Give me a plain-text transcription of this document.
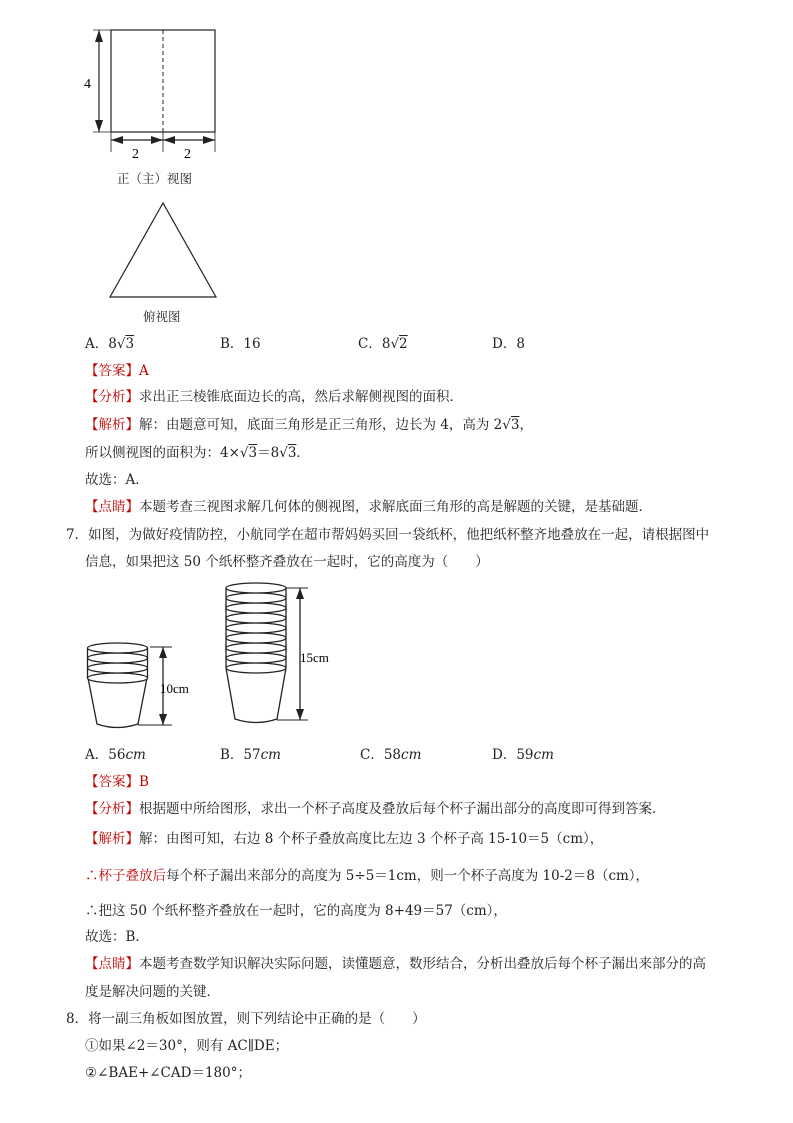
4
2	2
正（主）视图
俯视图
A．8√3	B．16	C．8√2	D．8
【答案】A
【分析】求出正三棱锥底面边长的高，然后求解侧视图的面积．
【解析】解：由题意可知，底面三角形是正三角形，边长为 4，高为 2√3，
所以侧视图的面积为：4×√3＝8√3．
故选：A．
【点睛】本题考查三视图求解几何体的侧视图，求解底面三角形的高是解题的关键，是基础题．
7．如图，为做好疫情防控，小航同学在超市帮妈妈买回一袋纸杯，他把纸杯整齐地叠放在一起，请根据图中
信息，如果把这 50 个纸杯整齐叠放在一起时，它的高度为（　　）
10cm
15cm
A．56cm	B．57cm	C．58cm	D．59cm
【答案】B
【分析】根据题中所给图形，求出一个杯子高度及叠放后每个杯子漏出部分的高度即可得到答案．
【解析】解：由图可知，右边 8 个杯子叠放高度比左边 3 个杯子高 15-10＝5（cm），
∴杯子叠放后每个杯子漏出来部分的高度为 5÷5＝1cm，则一个杯子高度为 10-2＝8（cm），
∴把这 50 个纸杯整齐叠放在一起时，它的高度为 8+49＝57（cm），
故选：B．
【点睛】本题考查数学知识解决实际问题，读懂题意，数形结合，分析出叠放后每个杯子漏出来部分的高
度是解决问题的关键．
8．将一副三角板如图放置，则下列结论中正确的是（　　）
①如果∠2＝30°，则有 AC∥DE；
②∠BAE+∠CAD＝180°；
